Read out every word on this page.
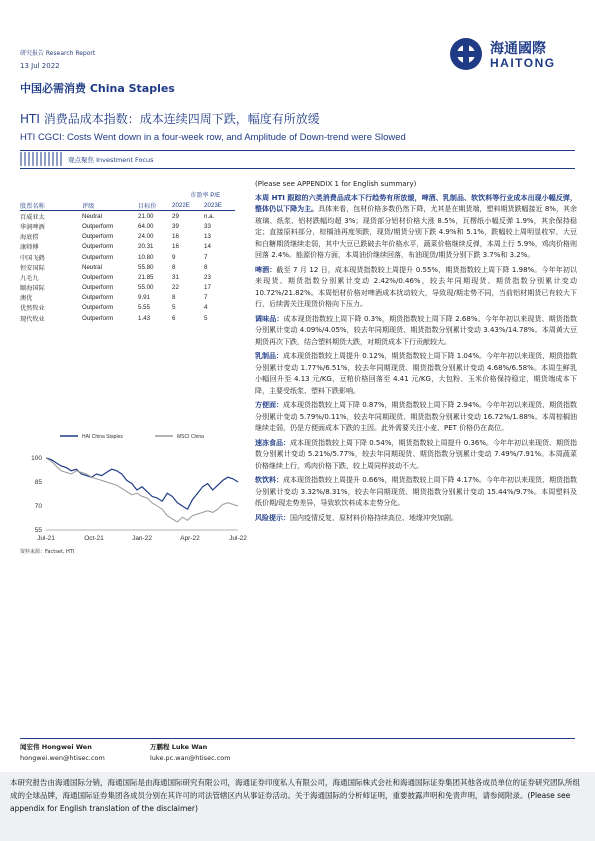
研究报告 Research Report
13 Jul 2022
中国必需消费 China Staples
HTI 消费品成本指数：成本连续四周下跌，幅度有所放缓
HTI CGCI: Costs Went down in a four-week row, and Amplitude of Down-trend were Slowed
海通國際
HAITONG
观点聚焦 Investment Focus
市盈率 P/E
股票名称	评级	目标价	2022E	2023E
百威亚太	Neutral	21.00	29	n.a.
华润啤酒	Outperform	64.00	39	33
海底捞	Outperform	24.00	16	13
康师傅	Outperform	20.31	16	14
中国飞鹤	Outperform	10.80	9	7
恒安国际	Neutral	55.80	8	8
九毛九	Outperform	21.85	31	23
颐海国际	Outperform	55.00	22	17
澳优	Outperform	9.91	8	7
优然牧业	Outperform	5.55	5	4
现代牧业	Outperform	1.43	6	5
HAI China Staples	MSCI China
55
70
85
100
Jul-21	Oct-21	Jan-22	Apr-22	Jul-22
资料来源：Factset, HTI

(Please see APPENDIX 1 for English summary)

本周 HTI 跟踪的六类消费品成本下行趋势有所放缓，啤酒、乳制品、软饮料等行业成本出现小幅反弹，整体仍以下降为主。具体来看，包材价格多数仍然下降，尤其是在期货端，塑料期货跌幅接近 8%，其余玻璃、纸浆、铝材跌幅均超 3%；现货部分铝材价格大涨 8.5%，瓦楞纸小幅反弹 1.9%，其余保持稳定；直接原料部分，棕榈油再度领跌，现货/期货分别下跌 4.9%和 5.1%，跌幅较上周明显收窄，大豆和白糖期货继续走弱，其中大豆已跌破去年价格水平，蔬菜价格继续反弹，本周上行 5.9%，鸡肉价格则回落 2.4%。能源价格方面，本周油价继续回落，布油现货/期货分别下跌 3.7%和 3.2%。

啤酒：截至 7 月 12 日，成本现货指数较上周提升 0.55%，期货指数较上周下降 1.98%。今年年初以来现货、期货指数分别累计变动 2.42%/0.46%，较去年同期现货、期货指数分别累计变动 10.72%/21.82%。本周铝材价格对啤酒成本扰动较大，导致现/期走势不同，当前铝材期货已有较大下行，后续需关注现货价格向下压力。

调味品：成本现货指数较上周下降 0.3%，期货指数较上周下降 2.68%。今年年初以来现货、期货指数分别累计变动 4.09%/4.05%，较去年同期现货、期货指数分别累计变动 3.43%/14.78%。本周黄大豆期货再次下跌，结合塑料期货大跌，对期货成本下行贡献较大。

乳制品：成本现货指数较上周提升 0.12%，期货指数较上周下降 1.04%。今年年初以来现货、期货指数分别累计变动 1.77%/6.51%，较去年同期现货、期货指数分别累计变动 4.68%/6.58%。本周生鲜乳小幅回升至 4.13 元/KG，豆粕价格回落至 4.41 元/KG，大包粉、玉米价格保持稳定，期货端成本下降，主要受纸浆、塑料下跌影响。

方便面：成本现货指数较上周下降 0.87%，期货指数较上周下降 2.94%。今年年初以来现货、期货指数分别累计变动 5.79%/0.11%，较去年同期现货、期货指数分别累计变动 16.72%/1.88%。本周棕榈油继续走弱，仍是方便面成本下跌的主因。此外需要关注小麦、PET 价格仍在高位。

速冻食品：成本现货指数较上周下降 0.54%，期货指数较上周提升 0.36%。今年年初以来现货、期货指数分别累计变动 5.21%/5.77%，较去年同期现货、期货指数分别累计变动 7.49%/7.91%。本周蔬菜价格继续上行，鸡肉价格下跌，较上周同样波动不大。

软饮料：成本现货指数较上周提升 0.66%，期货指数较上周下降 4.17%。今年年初以来现货、期货指数分别累计变动 3.32%/8.31%，较去年同期现货、期货指数分别累计变动 15.44%/9.7%。本周塑料及纸价期/现走势差异，导致软饮料成本走势分化。

风险提示：国内疫情反复、原材料价格持续高位、地缘冲突加剧。

闻宏伟 Hongwei Wen
hongwei.wen@htisec.com
万鹏程 Luke Wan
luke.pc.wan@htisec.com
本研究报告由海通国际分销，海通国际是由海通国际研究有限公司，海通证券印度私人有限公司，海通国际株式会社和海通国际证券集团其他各成员单位的证券研究团队所组成的全球品牌，海通国际证券集团各成员分别在其许可的司法管辖区内从事证券活动。关于海通国际的分析师证明，重要披露声明和免责声明，请参阅附录。(Please see appendix for English translation of the disclaimer)
